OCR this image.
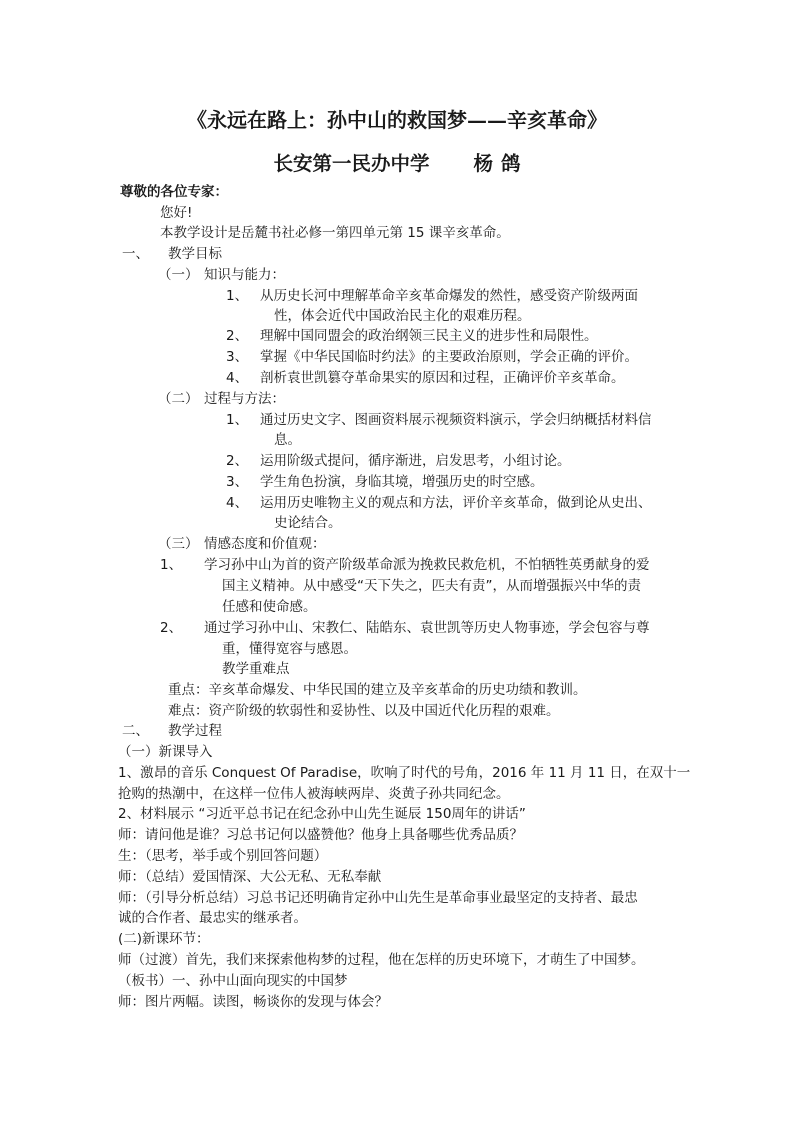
《永远在路上：孙中山的救国梦——辛亥革命》
长安第一民办中学 杨 鸽
尊敬的各位专家：
您好!
本教学设计是岳麓书社必修一第四单元第 15 课辛亥革命。
一、 教学目标
（一） 知识与能力：
1、 从历史长河中理解革命辛亥革命爆发的然性，感受资产阶级两面
性，体会近代中国政治民主化的艰难历程。
2、 理解中国同盟会的政治纲领三民主义的进步性和局限性。
3、 掌握《中华民国临时约法》的主要政治原则，学会正确的评价。
4、 剖析袁世凯篡夺革命果实的原因和过程，正确评价辛亥革命。
（二） 过程与方法：
1、 通过历史文字、图画资料展示视频资料演示，学会归纳概括材料信
息。
2、 运用阶级式提问，循序渐进，启发思考，小组讨论。
3、 学生角色扮演，身临其境，增强历史的时空感。
4、 运用历史唯物主义的观点和方法，评价辛亥革命，做到论从史出、
史论结合。
（三） 情感态度和价值观：
1、 学习孙中山为首的资产阶级革命派为挽救民救危机，不怕牺牲英勇献身的爱
国主义精神。从中感受“天下失之，匹夫有责”，从而增强振兴中华的责
任感和使命感。
2、 通过学习孙中山、宋教仁、陆皓东、袁世凯等历史人物事迹，学会包容与尊
重，懂得宽容与感恩。
教学重难点
重点：辛亥革命爆发、中华民国的建立及辛亥革命的历史功绩和教训。
难点：资产阶级的软弱性和妥协性、以及中国近代化历程的艰难。
二、 教学过程
（一）新课导入
1、激昂的音乐 Conquest Of Paradise，吹响了时代的号角，2016 年 11 月 11 日，在双十一
抢购的热潮中，在这样一位伟人被海峡两岸、炎黄子孙共同纪念。
2、材料展示 “习近平总书记在纪念孙中山先生诞辰 150周年的讲话”
师：请问他是谁？习总书记何以盛赞他？他身上具备哪些优秀品质？
生：（思考，举手或个别回答问题）
师：（总结）爱国情深、大公无私、无私奉献
师：（引导分析总结）习总书记还明确肯定孙中山先生是革命事业最坚定的支持者、最忠
诚的合作者、最忠实的继承者。
(二)新课环节：
师（过渡）首先，我们来探索他构梦的过程，他在怎样的历史环境下，才萌生了中国梦。
（板书）一、孙中山面向现实的中国梦
师：图片两幅。读图，畅谈你的发现与体会？
